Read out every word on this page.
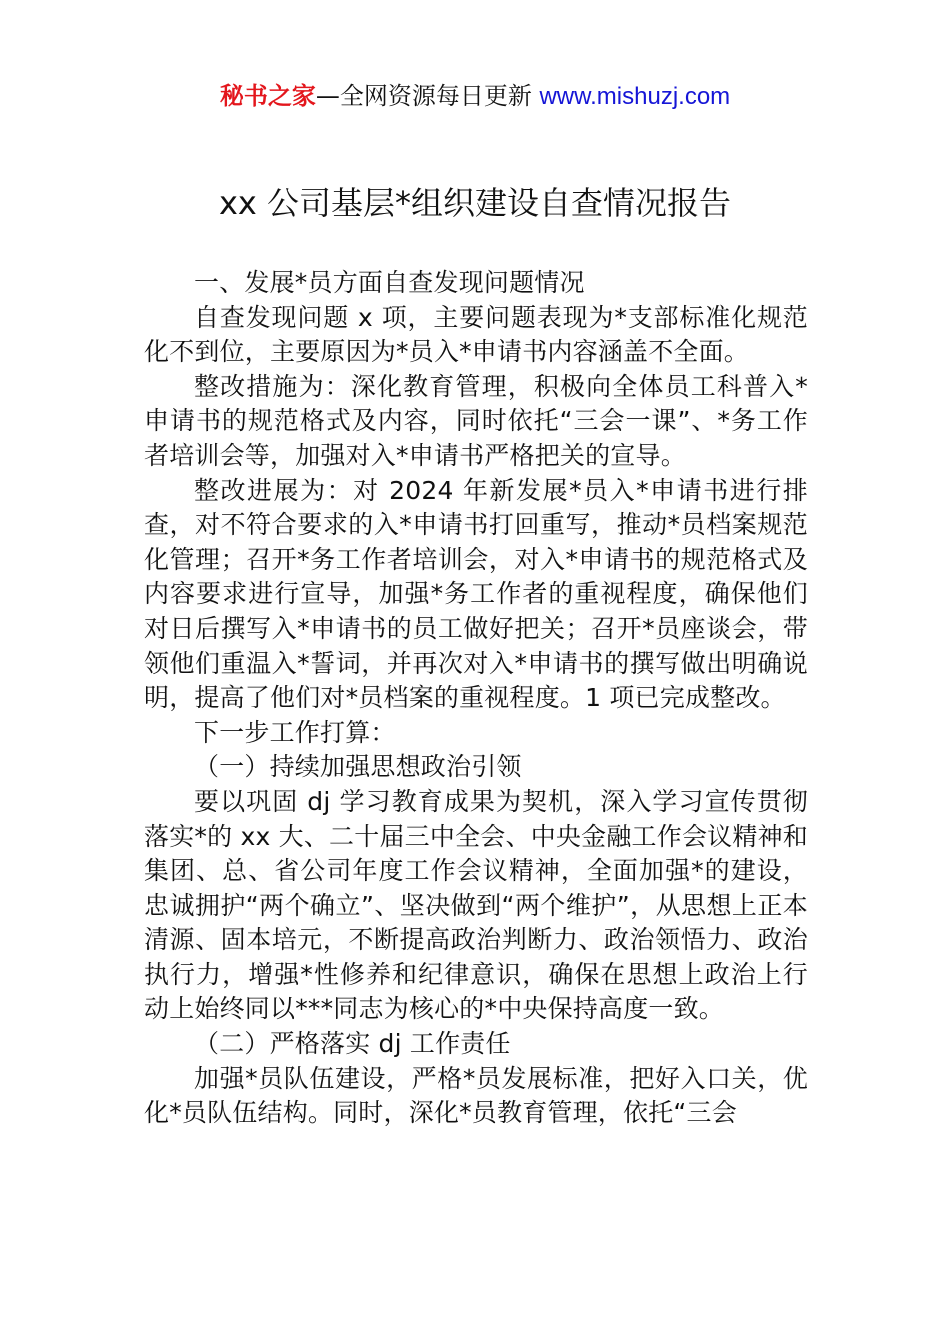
秘书之家—全网资源每日更新 www.mishuzj.com
xx 公司基层*组织建设自查情况报告

一、发展*员方面自查发现问题情况

自查发现问题 x 项，主要问题表现为*支部标准化规范化不到位，主要原因为*员入*申请书内容涵盖不全面。

整改措施为：深化教育管理，积极向全体员工科普入*申请书的规范格式及内容，同时依托“三会一课”、*务工作者培训会等，加强对入*申请书严格把关的宣导。

整改进展为：对 2024 年新发展*员入*申请书进行排查，对不符合要求的入*申请书打回重写，推动*员档案规范化管理；召开*务工作者培训会，对入*申请书的规范格式及内容要求进行宣导，加强*务工作者的重视程度，确保他们对日后撰写入*申请书的员工做好把关；召开*员座谈会，带领他们重温入*誓词，并再次对入*申请书的撰写做出明确说明，提高了他们对*员档案的重视程度。1 项已完成整改。

下一步工作打算：

（一）持续加强思想政治引领

要以巩固 dj 学习教育成果为契机，深入学习宣传贯彻落实*的 xx 大、二十届三中全会、中央金融工作会议精神和集团、总、省公司年度工作会议精神，全面加强*的建设，忠诚拥护“两个确立”、坚决做到“两个维护”，从思想上正本清源、固本培元，不断提高政治判断力、政治领悟力、政治执行力，增强*性修养和纪律意识，确保在思想上政治上行动上始终同以***同志为核心的*中央保持高度一致。

（二）严格落实 dj 工作责任

加强*员队伍建设，严格*员发展标准，把好入口关，优化*员队伍结构。同时，深化*员教育管理，依托“三会
